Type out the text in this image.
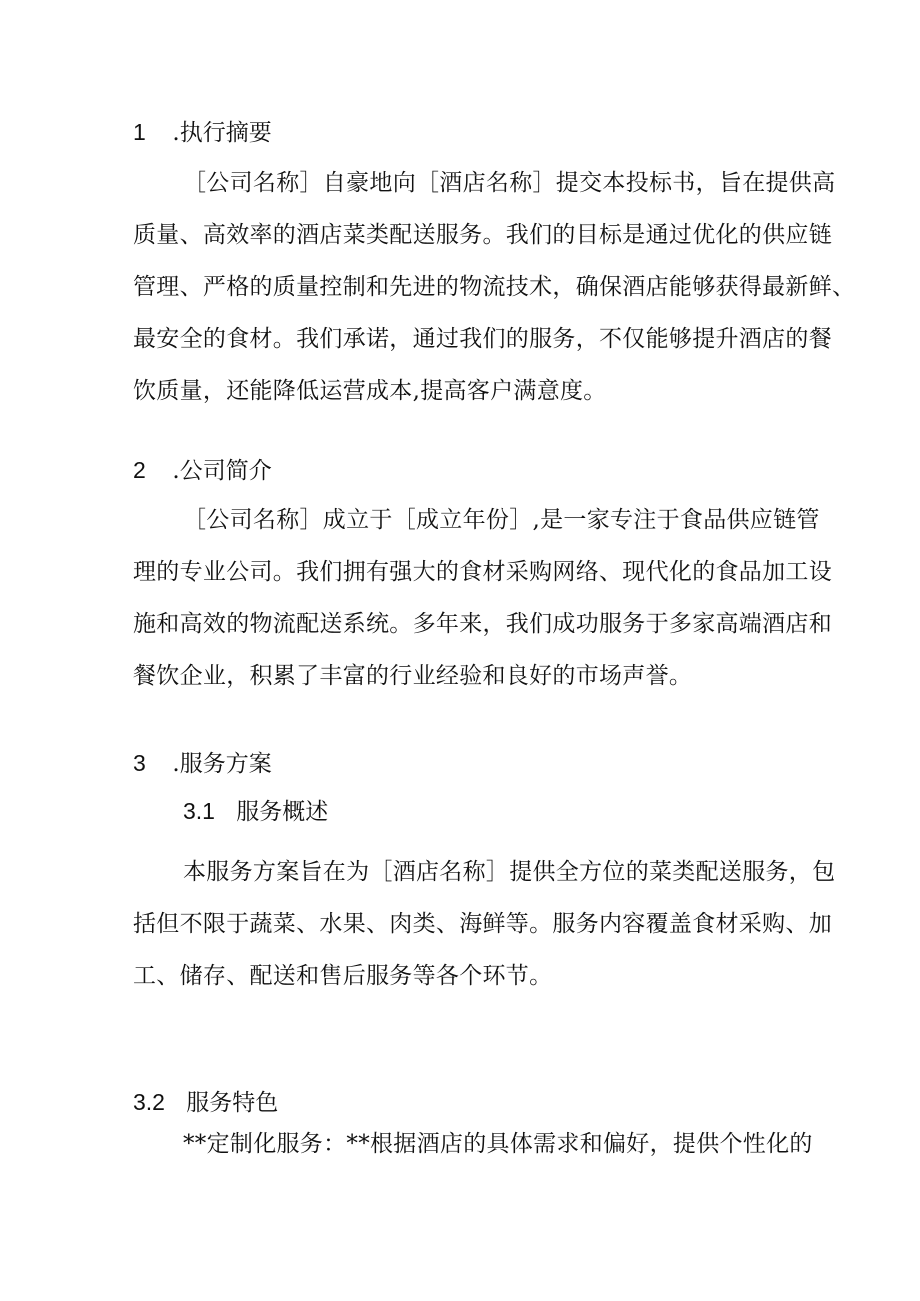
1 .执行摘要
［公司名称］自豪地向［酒店名称］提交本投标书，旨在提供高
质量、高效率的酒店菜类配送服务。我们的目标是通过优化的供应链
管理、严格的质量控制和先进的物流技术，确保酒店能够获得最新鲜、
最安全的食材。我们承诺，通过我们的服务，不仅能够提升酒店的餐
饮质量，还能降低运营成本,提高客户满意度。
2 .公司简介
［公司名称］成立于［成立年份］,是一家专注于食品供应链管
理的专业公司。我们拥有强大的食材采购网络、现代化的食品加工设
施和高效的物流配送系统。多年来，我们成功服务于多家高端酒店和
餐饮企业，积累了丰富的行业经验和良好的市场声誉。
3 .服务方案
3.1 服务概述
本服务方案旨在为［酒店名称］提供全方位的菜类配送服务，包
括但不限于蔬菜、水果、肉类、海鲜等。服务内容覆盖食材采购、加
工、储存、配送和售后服务等各个环节。
3.2 服务特色
**定制化服务：**根据酒店的具体需求和偏好，提供个性化的
